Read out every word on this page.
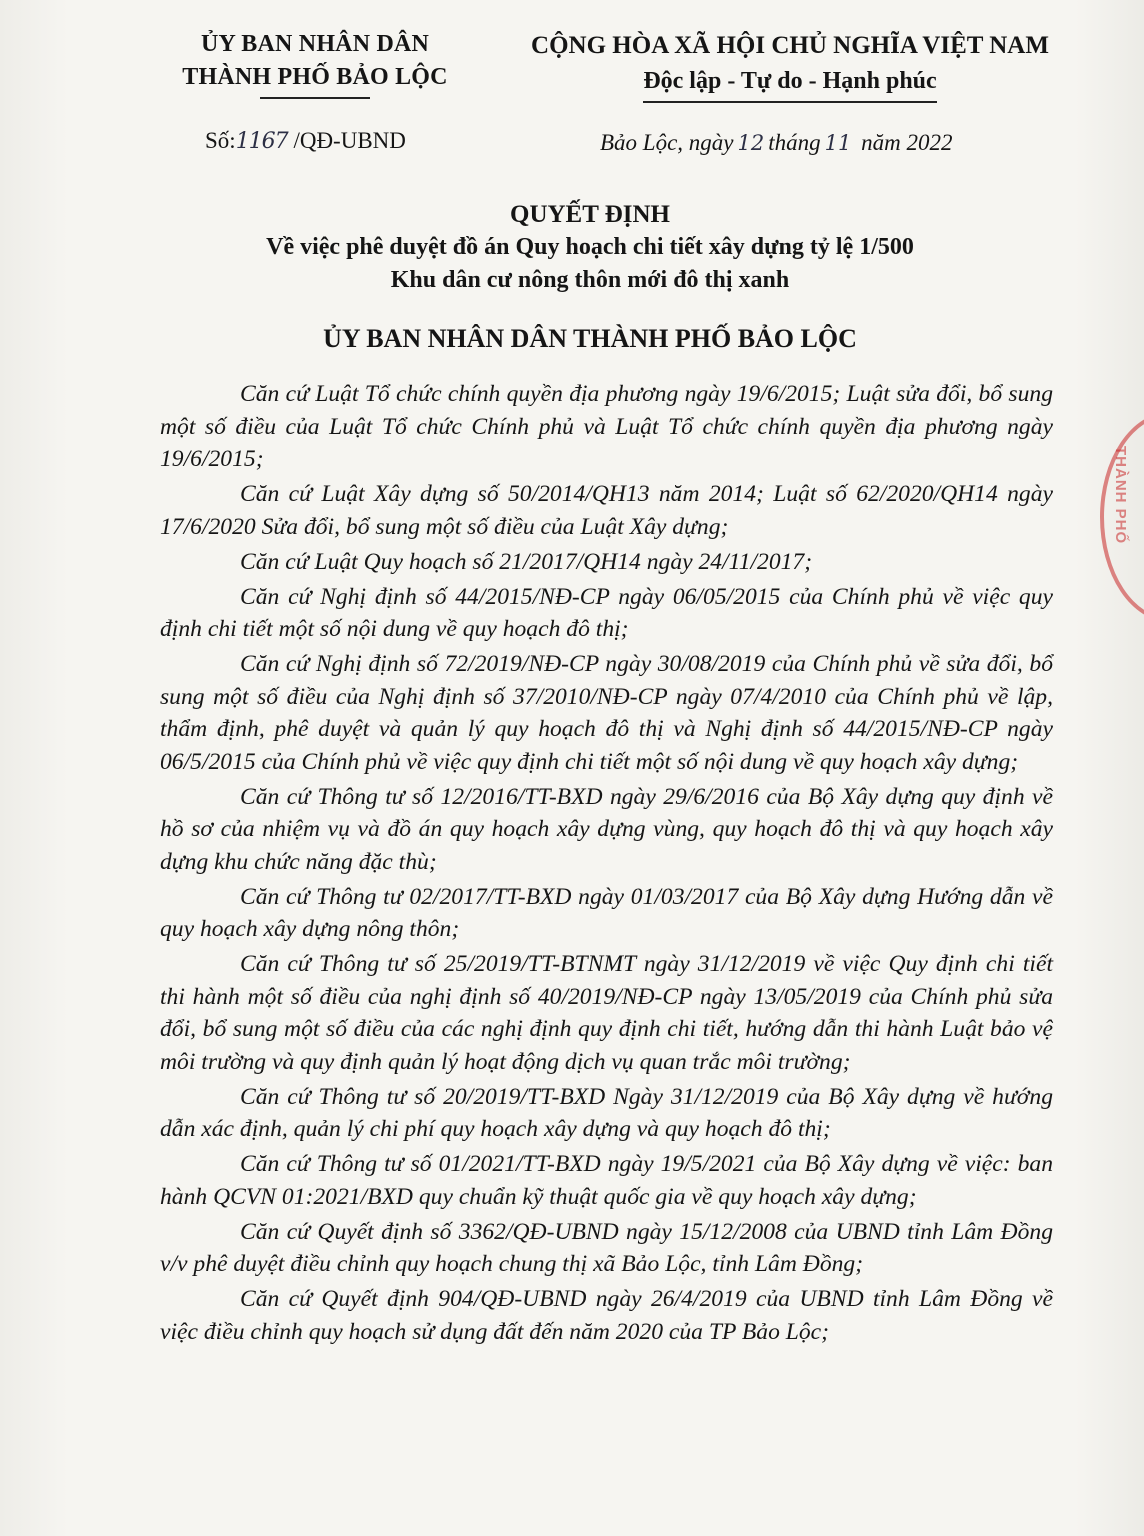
ỦY BAN NHÂN DÂN
THÀNH PHỐ BẢO LỘC
CỘNG HÒA XÃ HỘI CHỦ NGHĨA VIỆT NAM
Độc lập - Tự do - Hạnh phúc
Số:1167 /QĐ-UBND	Bảo Lộc, ngày 12 tháng 11 năm 2022
QUYẾT ĐỊNH
Về việc phê duyệt đồ án Quy hoạch chi tiết xây dựng tỷ lệ 1/500
Khu dân cư nông thôn mới đô thị xanh
ỦY BAN NHÂN DÂN THÀNH PHỐ BẢO LỘC

Căn cứ Luật Tổ chức chính quyền địa phương ngày 19/6/2015; Luật sửa đổi, bổ sung một số điều của Luật Tổ chức Chính phủ và Luật Tổ chức chính quyền địa phương ngày 19/6/2015;

Căn cứ Luật Xây dựng số 50/2014/QH13 năm 2014; Luật số 62/2020/QH14 ngày 17/6/2020 Sửa đổi, bổ sung một số điều của Luật Xây dựng;

Căn cứ Luật Quy hoạch số 21/2017/QH14 ngày 24/11/2017;

Căn cứ Nghị định số 44/2015/NĐ-CP ngày 06/05/2015 của Chính phủ về việc quy định chi tiết một số nội dung về quy hoạch đô thị;

Căn cứ Nghị định số 72/2019/NĐ-CP ngày 30/08/2019 của Chính phủ về sửa đổi, bổ sung một số điều của Nghị định số 37/2010/NĐ-CP ngày 07/4/2010 của Chính phủ về lập, thẩm định, phê duyệt và quản lý quy hoạch đô thị và Nghị định số 44/2015/NĐ-CP ngày 06/5/2015 của Chính phủ về việc quy định chi tiết một số nội dung về quy hoạch xây dựng;

Căn cứ Thông tư số 12/2016/TT-BXD ngày 29/6/2016 của Bộ Xây dựng quy định về hồ sơ của nhiệm vụ và đồ án quy hoạch xây dựng vùng, quy hoạch đô thị và quy hoạch xây dựng khu chức năng đặc thù;

Căn cứ Thông tư 02/2017/TT-BXD ngày 01/03/2017 của Bộ Xây dựng Hướng dẫn về quy hoạch xây dựng nông thôn;

Căn cứ Thông tư số 25/2019/TT-BTNMT ngày 31/12/2019 về việc Quy định chi tiết thi hành một số điều của nghị định số 40/2019/NĐ-CP ngày 13/05/2019 của Chính phủ sửa đổi, bổ sung một số điều của các nghị định quy định chi tiết, hướng dẫn thi hành Luật bảo vệ môi trường và quy định quản lý hoạt động dịch vụ quan trắc môi trường;

Căn cứ Thông tư số 20/2019/TT-BXD Ngày 31/12/2019 của Bộ Xây dựng về hướng dẫn xác định, quản lý chi phí quy hoạch xây dựng và quy hoạch đô thị;

Căn cứ Thông tư số 01/2021/TT-BXD ngày 19/5/2021 của Bộ Xây dựng về việc: ban hành QCVN 01:2021/BXD quy chuẩn kỹ thuật quốc gia về quy hoạch xây dựng;

Căn cứ Quyết định số 3362/QĐ-UBND ngày 15/12/2008 của UBND tỉnh Lâm Đồng v/v phê duyệt điều chỉnh quy hoạch chung thị xã Bảo Lộc, tỉnh Lâm Đồng;

Căn cứ Quyết định 904/QĐ-UBND ngày 26/4/2019 của UBND tỉnh Lâm Đồng về việc điều chỉnh quy hoạch sử dụng đất đến năm 2020 của TP Bảo Lộc;

THÀNH PHỐ
